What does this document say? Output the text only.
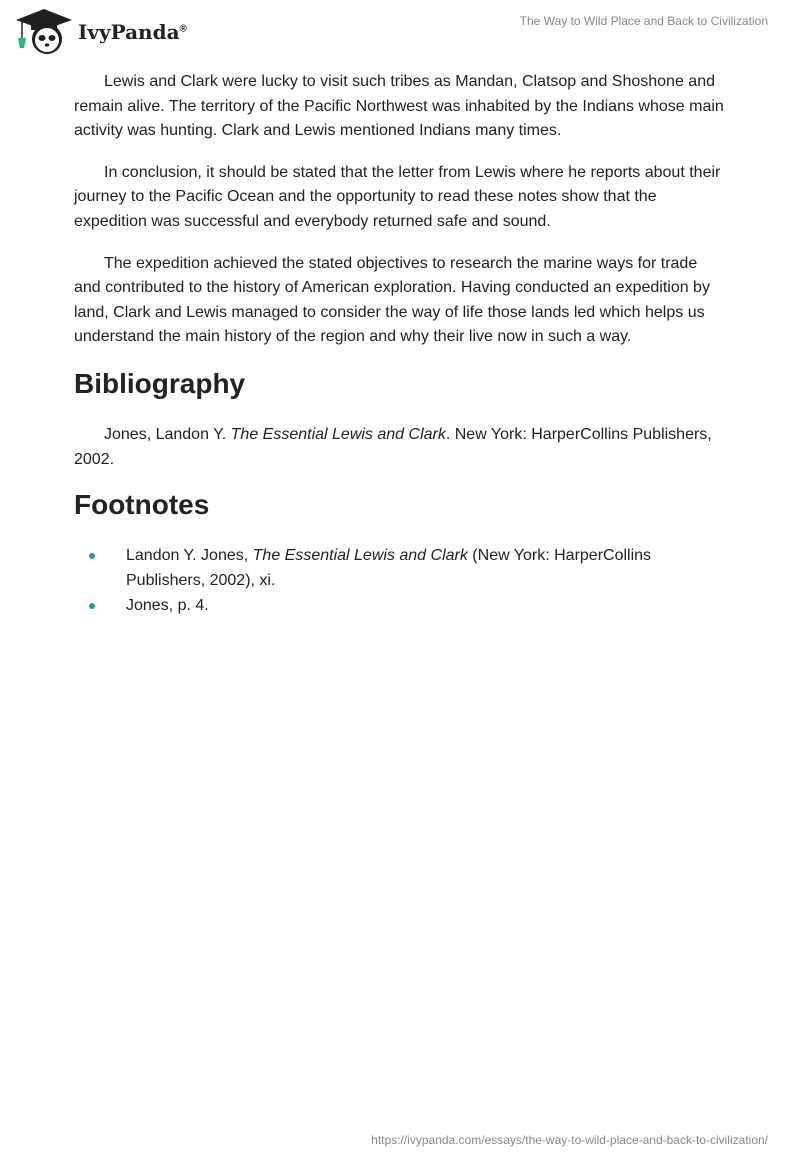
IvyPanda®
The Way to Wild Place and Back to Civilization

Lewis and Clark were lucky to visit such tribes as Mandan, Clatsop and Shoshone and remain alive. The territory of the Pacific Northwest was inhabited by the Indians whose main activity was hunting. Clark and Lewis mentioned Indians many times.

In conclusion, it should be stated that the letter from Lewis where he reports about their journey to the Pacific Ocean and the opportunity to read these notes show that the expedition was successful and everybody returned safe and sound.

The expedition achieved the stated objectives to research the marine ways for trade and contributed to the history of American exploration. Having conducted an expedition by land, Clark and Lewis managed to consider the way of life those lands led which helps us understand the main history of the region and why their live now in such a way.

Bibliography

Jones, Landon Y. The Essential Lewis and Clark. New York: HarperCollins Publishers, 2002.

Footnotes
Landon Y. Jones, The Essential Lewis and Clark (New York: HarperCollins Publishers, 2002), xi.
Jones, p. 4.
https://ivypanda.com/essays/the-way-to-wild-place-and-back-to-civilization/
